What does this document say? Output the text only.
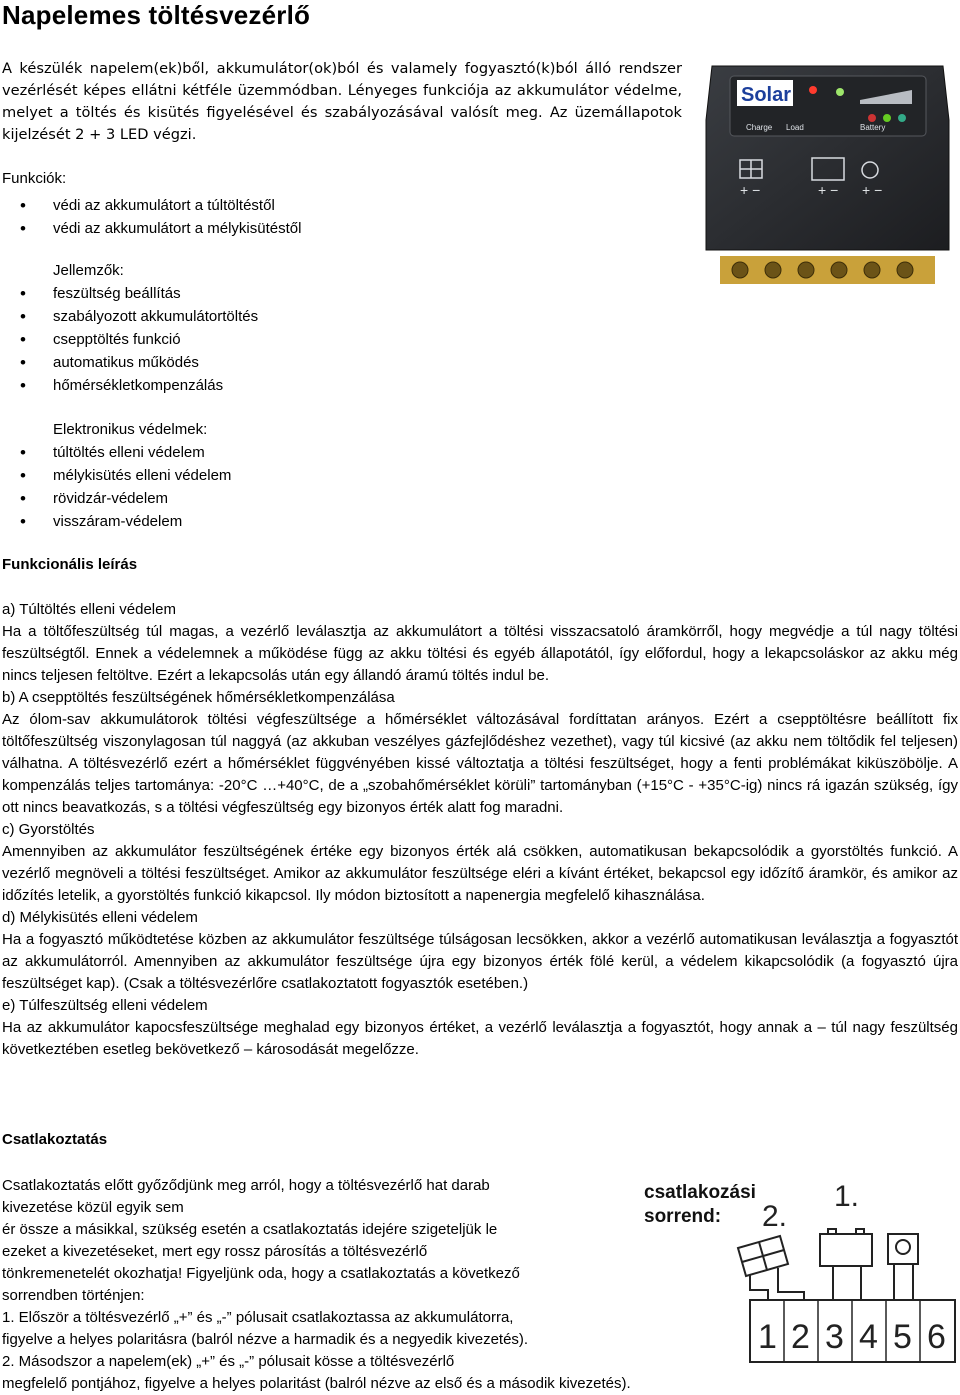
Napelemes töltésvezérlő
A készülék napelem(ek)ből, akkumulátor(ok)ból és valamely fogyasztó(k)ból álló rendszer vezérlését képes ellátni kétféle üzemmódban. Lényeges funkciója az akkumulátor védelme, melyet a töltés és kisütés figyelésével és szabályozásával valósít meg. Az üzemállapotok kijelzését 2 + 3 LED végzi.
Solar
Charge Load	Battery
+ −	+ − + −
Funkciók:
• védi az akkumulátort a túltöltéstől
• védi az akkumulátort a mélykisütéstől
Jellemzők:
• feszültség beállítás
• szabályozott akkumulátortöltés
• csepptöltés funkció
• automatikus működés
• hőmérsékletkompenzálás
Elektronikus védelmek:
• túltöltés elleni védelem
• mélykisütés elleni védelem
• rövidzár-védelem
• visszáram-védelem
Funkcionális leírás

a) Túltöltés elleni védelem

Ha a töltőfeszültség túl magas, a vezérlő leválasztja az akkumulátort a töltési visszacsatoló áramkörről, hogy megvédje a túl nagy töltési feszültségtől. Ennek a védelemnek a működése függ az akku töltési és egyéb állapotától, így előfordul, hogy a lekapcsoláskor az akku még nincs teljesen feltöltve. Ezért a lekapcsolás után egy állandó áramú töltés indul be.

b) A csepptöltés feszültségének hőmérsékletkompenzálása

Az ólom-sav akkumulátorok töltési végfeszültsége a hőmérséklet változásával fordíttatan arányos. Ezért a csepptöltésre beállított fix töltőfeszültség viszonylagosan túl naggyá (az akkuban veszélyes gázfejlődéshez vezethet), vagy túl kicsivé (az akku nem töltődik fel teljesen) válhatna. A töltésvezérlő ezért a hőmérséklet függvényében kissé változtatja a töltési feszültséget, hogy a fenti problémákat kiküszöbölje. A kompenzálás teljes tartománya: -20°C …+40°C, de a „szobahőmérséklet körüli” tartományban (+15°C - +35°C-ig) nincs rá igazán szükség, így ott nincs beavatkozás, s a töltési végfeszültség egy bizonyos érték alatt fog maradni.

c) Gyorstöltés

Amennyiben az akkumulátor feszültségének értéke egy bizonyos érték alá csökken, automatikusan bekapcsolódik a gyorstöltés funkció. A vezérlő megnöveli a töltési feszültséget. Amikor az akkumulátor feszültsége eléri a kívánt értéket, bekapcsol egy időzítő áramkör, és amikor az időzítés letelik, a gyorstöltés funkció kikapcsol. Ily módon biztosított a napenergia megfelelő kihasználása.

d) Mélykisütés elleni védelem

Ha a fogyasztó működtetése közben az akkumulátor feszültsége túlságosan lecsökken, akkor a vezérlő automatikusan leválasztja a fogyasztót az akkumulátorról. Amennyiben az akkumulátor feszültsége újra egy bizonyos érték fölé kerül, a védelem kikapcsolódik (a fogyasztó újra feszültséget kap). (Csak a töltésvezérlőre csatlakoztatott fogyasztók esetében.)

e) Túlfeszültség elleni védelem

Ha az akkumulátor kapocsfeszültsége meghalad egy bizonyos értéket, a vezérlő leválasztja a fogyasztót, hogy annak a – túl nagy feszültség következtében esetleg bekövetkező – károsodását megelőzze.

Csatlakoztatás
Csatlakoztatás előtt győződjünk meg arról, hogy a töltésvezérlő hat darab
kivezetése közül egyik sem
ér össze a másikkal, szükség esetén a csatlakoztatás idejére szigeteljük le
ezeket a kivezetéseket, mert egy rossz párosítás a töltésvezérlő
tönkremenetelét okozhatja! Figyeljünk oda, hogy a csatlakoztatás a következő
sorrendben történjen:
1. Először a töltésvezérlő „+” és „-” pólusait csatlakoztassa az akkumulátorra,
figyelve a helyes polaritásra (balról nézve a harmadik és a negyedik kivezetés).
2. Másodszor a napelem(ek) „+” és „-” pólusait kösse a töltésvezérlő
megfelelő pontjához, figyelve a helyes polaritást (balról nézve az első és a második kivezetés).
csatlakozási
sorrend:
1.
2.
1 2 3 4 5 6
